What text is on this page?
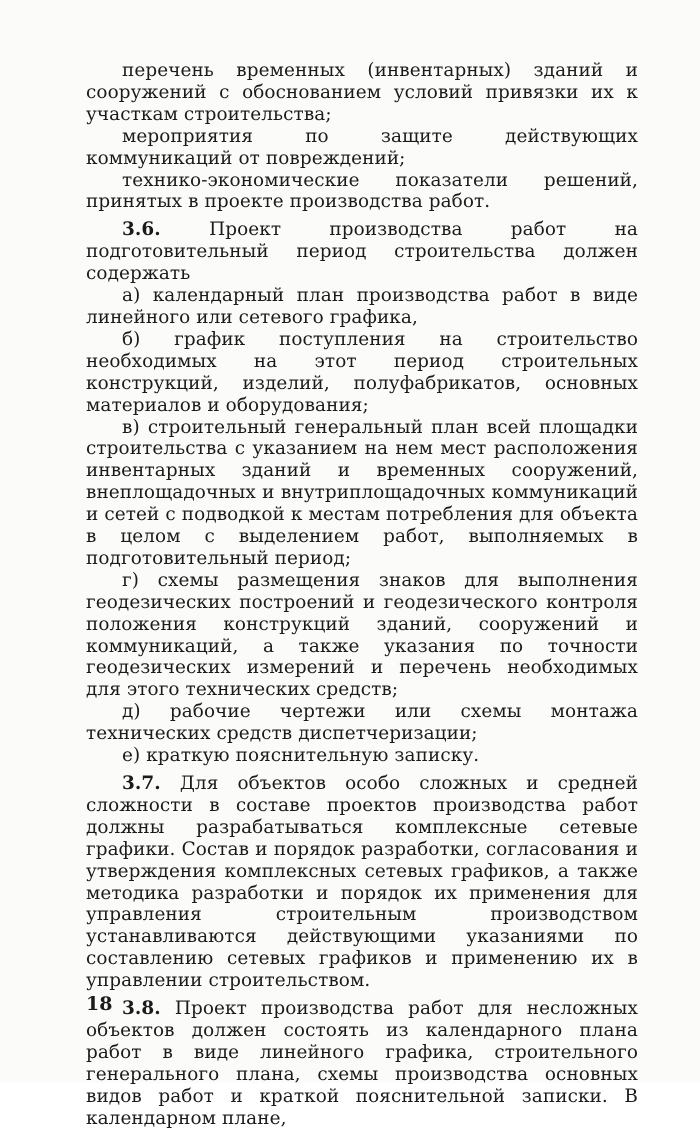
перечень временных (инвентарных) зданий и сооружений с обоснованием условий привязки их к участкам строительства;

мероприятия по защите действующих коммуникаций от повреждений;

технико-экономические показатели решений, принятых в проекте производства работ.

3.6.	Проект производства работ на подготовительный период строительства должен содержать

а) календарный план производства работ в виде линейного или сетевого графика,

б) график поступления на строительство необходимых на этот период строительных конструкций, изделий, полуфабрикатов, основных материалов и оборудования;

в) строительный генеральный план всей площадки строительства с указанием на нем мест расположения инвентарных зданий и временных сооружений, внеплощадочных и внутриплощадочных коммуникаций и сетей с подводкой к местам потребления для объекта в целом с выделением работ, выполняемых в подготовительный период;

г) схемы размещения знаков для выполнения геодезических построений и геодезического контроля положения конструкций зданий, сооружений и коммуникаций, а также указания по точности геодезических измерений и перечень необходимых для этого технических средств;

д) рабочие чертежи или схемы монтажа технических средств диспетчеризации;

е) краткую пояснительную записку.

3.7. Для объектов особо сложных и средней сложности в составе проектов производства работ должны разрабатываться комплексные сетевые графики. Состав и порядок разработки, согласования и утверждения комплексных сетевых графиков, а также методика разработки и порядок их применения для управления строительным производством устанавливаются действующими указаниями по составлению сетевых графиков и применению их в управлении строительством.

3.8. Проект производства работ для несложных объектов должен состоять из календарного плана работ в виде линейного графика, строительного генерального плана, схемы производства основных видов работ и краткой пояснительной записки. В календарном плане,

18
